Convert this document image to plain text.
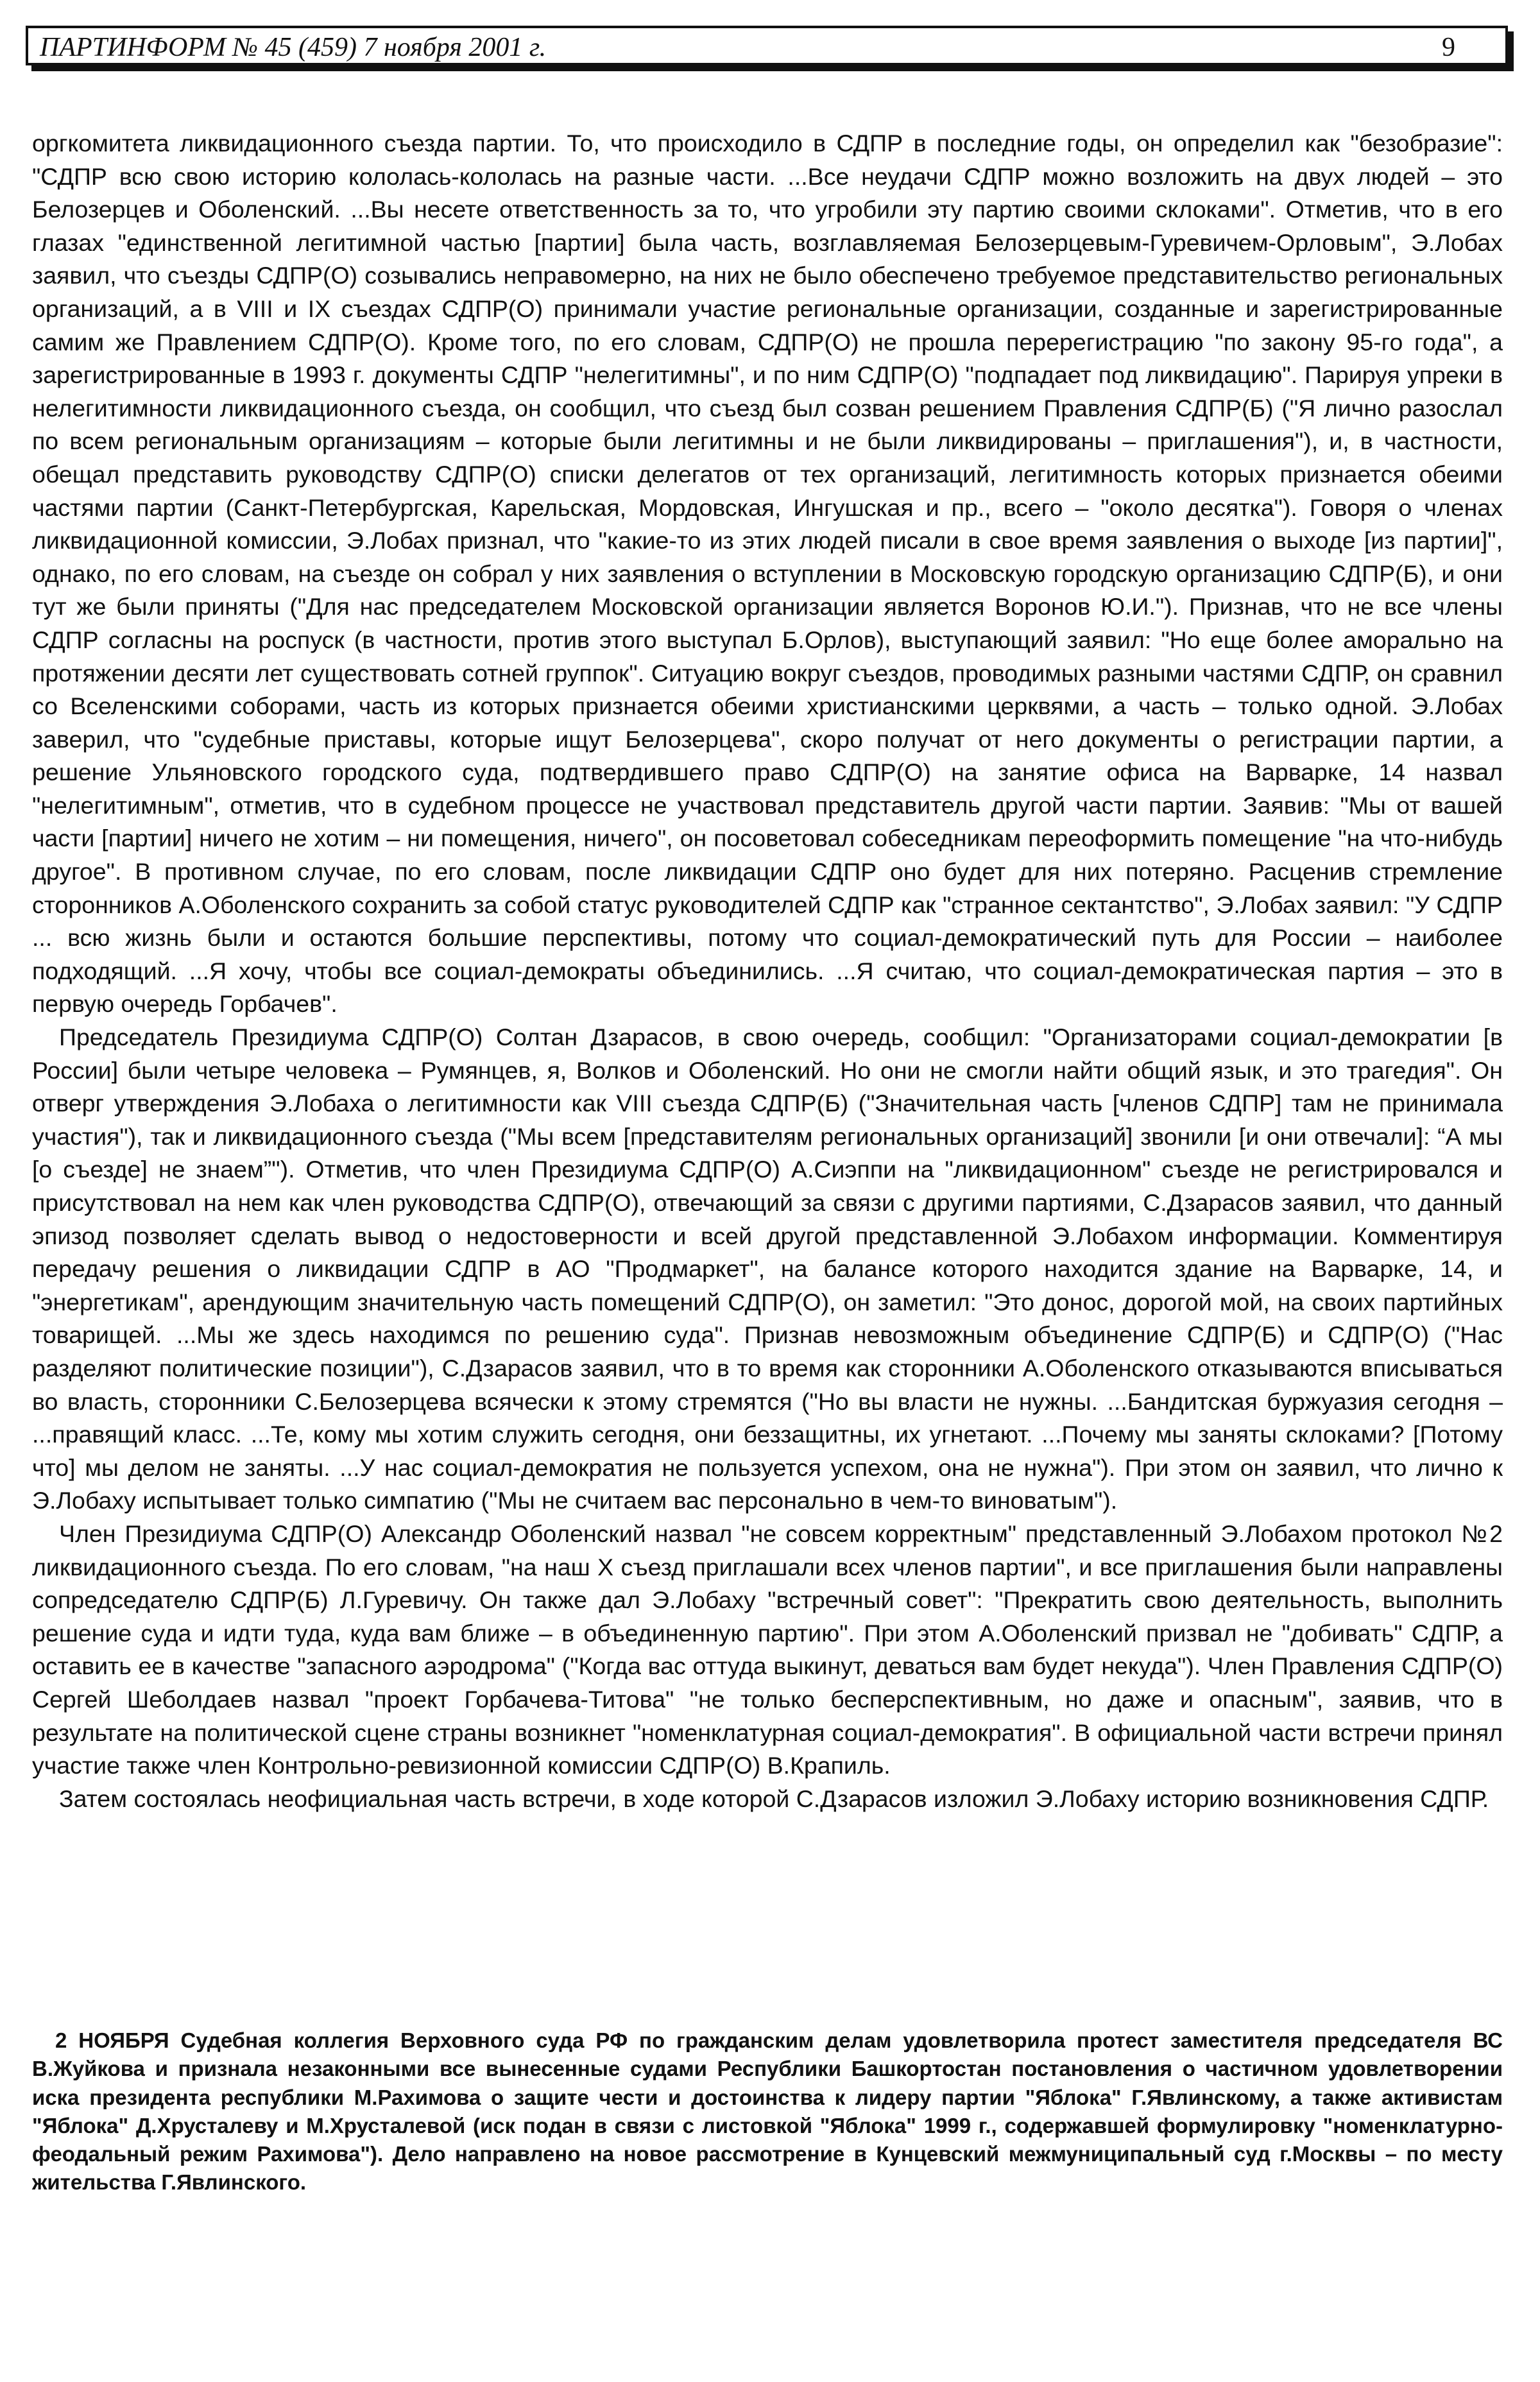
ПАРТИНФОРМ № 45 (459) 7 ноября 2001 г.	9

оргкомитета ликвидационного съезда партии. То, что происходило в СДПР в последние годы, он определил как "безобразие": "СДПР всю свою историю кололась-кололась на разные части. ...Все неудачи СДПР можно возложить на двух людей – это Белозерцев и Оболенский. ...Вы несете ответственность за то, что угробили эту партию своими склоками". Отметив, что в его глазах "единственной легитимной частью [партии] была часть, возглавляемая Белозерцевым-Гуревичем-Орловым", Э.Лобах заявил, что съезды СДПР(О) созывались неправомерно, на них не было обеспечено требуемое представительство региональных организаций, а в VIII и IX съездах СДПР(О) принимали участие региональные организации, созданные и зарегистрированные самим же Правлением СДПР(О). Кроме того, по его словам, СДПР(О) не прошла перерегистрацию "по закону 95-го года", а зарегистрированные в 1993 г. документы СДПР "нелегитимны", и по ним СДПР(О) "подпадает под ликвидацию". Парируя упреки в нелегитимности ликвидационного съезда, он сообщил, что съезд был созван решением Правления СДПР(Б) ("Я лично разослал по всем региональным организациям – которые были легитимны и не были ликвидированы – приглашения"), и, в частности, обещал представить руководству СДПР(О) списки делегатов от тех организаций, легитимность которых признается обеими частями партии (Санкт-Петербургская, Карельская, Мордовская, Ингушская и пр., всего – "около десятка"). Говоря о членах ликвидационной комиссии, Э.Лобах признал, что "какие-то из этих людей писали в свое время заявления о выходе [из партии]", однако, по его словам, на съезде он собрал у них заявления о вступлении в Московскую городскую организацию СДПР(Б), и они тут же были приняты ("Для нас председателем Московской организации является Воронов Ю.И."). Признав, что не все члены СДПР согласны на роспуск (в частности, против этого выступал Б.Орлов), выступающий заявил: "Но еще более аморально на протяжении десяти лет существовать сотней группок". Ситуацию вокруг съездов, проводимых разными частями СДПР, он сравнил со Вселенскими соборами, часть из которых признается обеими христианскими церквями, а часть – только одной. Э.Лобах заверил, что "судебные приставы, которые ищут Белозерцева", скоро получат от него документы о регистрации партии, а решение Ульяновского городского суда, подтвердившего право СДПР(О) на занятие офиса на Варварке, 14 назвал "нелегитимным", отметив, что в судебном процессе не участвовал представитель другой части партии. Заявив: "Мы от вашей части [партии] ничего не хотим – ни помещения, ничего", он посоветовал собеседникам переоформить помещение "на что-нибудь другое". В противном случае, по его словам, после ликвидации СДПР оно будет для них потеряно. Расценив стремление сторонников А.Оболенского сохранить за собой статус руководителей СДПР как "странное сектантство", Э.Лобах заявил: "У СДПР ... всю жизнь были и остаются большие перспективы, потому что социал-демократический путь для России – наиболее подходящий. ...Я хочу, чтобы все социал-демократы объединились. ...Я считаю, что социал-демократическая партия – это в первую очередь Горбачев".

Председатель Президиума СДПР(О) Солтан Дзарасов, в свою очередь, сообщил: "Организаторами социал-демократии [в России] были четыре человека – Румянцев, я, Волков и Оболенский. Но они не смогли найти общий язык, и это трагедия". Он отверг утверждения Э.Лобаха о легитимности как VIII съезда СДПР(Б) ("Значительная часть [членов СДПР] там не принимала участия"), так и ликвидационного съезда ("Мы всем [представителям региональных организаций] звонили [и они отвечали]: “А мы [о съезде] не знаем”"). Отметив, что член Президиума СДПР(О) А.Сиэппи на "ликвидационном" съезде не регистрировался и присутствовал на нем как член руководства СДПР(О), отвечающий за связи с другими партиями, С.Дзарасов заявил, что данный эпизод позволяет сделать вывод о недостоверности и всей другой представленной Э.Лобахом информации. Комментируя передачу решения о ликвидации СДПР в АО "Продмаркет", на балансе которого находится здание на Варварке, 14, и "энергетикам", арендующим значительную часть помещений СДПР(О), он заметил: "Это донос, дорогой мой, на своих партийных товарищей. ...Мы же здесь находимся по решению суда". Признав невозможным объединение СДПР(Б) и СДПР(О) ("Нас разделяют политические позиции"), С.Дзарасов заявил, что в то время как сторонники А.Оболенского отказываются вписываться во власть, сторонники С.Белозерцева всячески к этому стремятся ("Но вы власти не нужны. ...Бандитская буржуазия сегодня – ...правящий класс. ...Те, кому мы хотим служить сегодня, они беззащитны, их угнетают. ...Почему мы заняты склоками? [Потому что] мы делом не заняты. ...У нас социал-демократия не пользуется успехом, она не нужна"). При этом он заявил, что лично к Э.Лобаху испытывает только симпатию ("Мы не считаем вас персонально в чем-то виноватым").

Член Президиума СДПР(О) Александр Оболенский назвал "не совсем корректным" представленный Э.Лобахом протокол №2 ликвидационного съезда. По его словам, "на наш X съезд приглашали всех членов партии", и все приглашения были направлены сопредседателю СДПР(Б) Л.Гуревичу. Он также дал Э.Лобаху "встречный совет": "Прекратить свою деятельность, выполнить решение суда и идти туда, куда вам ближе – в объединенную партию". При этом А.Оболенский призвал не "добивать" СДПР, а оставить ее в качестве "запасного аэродрома" ("Когда вас оттуда выкинут, деваться вам будет некуда"). Член Правления СДПР(О) Сергей Шеболдаев назвал "проект Горбачева-Титова" "не только бесперспективным, но даже и опасным", заявив, что в результате на политической сцене страны возникнет "номенклатурная социал-демократия". В официальной части встречи принял участие также член Контрольно-ревизионной комиссии СДПР(О) В.Крапиль.

Затем состоялась неофициальная часть встречи, в ходе которой С.Дзарасов изложил Э.Лобаху историю возникновения СДПР.

2 НОЯБРЯ Судебная коллегия Верховного суда РФ по гражданским делам удовлетворила протест заместителя председателя ВС В.Жуйкова и признала незаконными все вынесенные судами Республики Башкортостан постановления о частичном удовлетворении иска президента республики М.Рахимова о защите чести и достоинства к лидеру партии "Яблока" Г.Явлинскому, а также активистам "Яблока" Д.Хрусталеву и М.Хрусталевой (иск подан в связи с листовкой "Яблока" 1999 г., содержавшей формулировку "номенклатурно-феодальный режим Рахимова"). Дело направлено на новое рассмотрение в Кунцевский межмуниципальный суд г.Москвы – по месту жительства Г.Явлинского.
